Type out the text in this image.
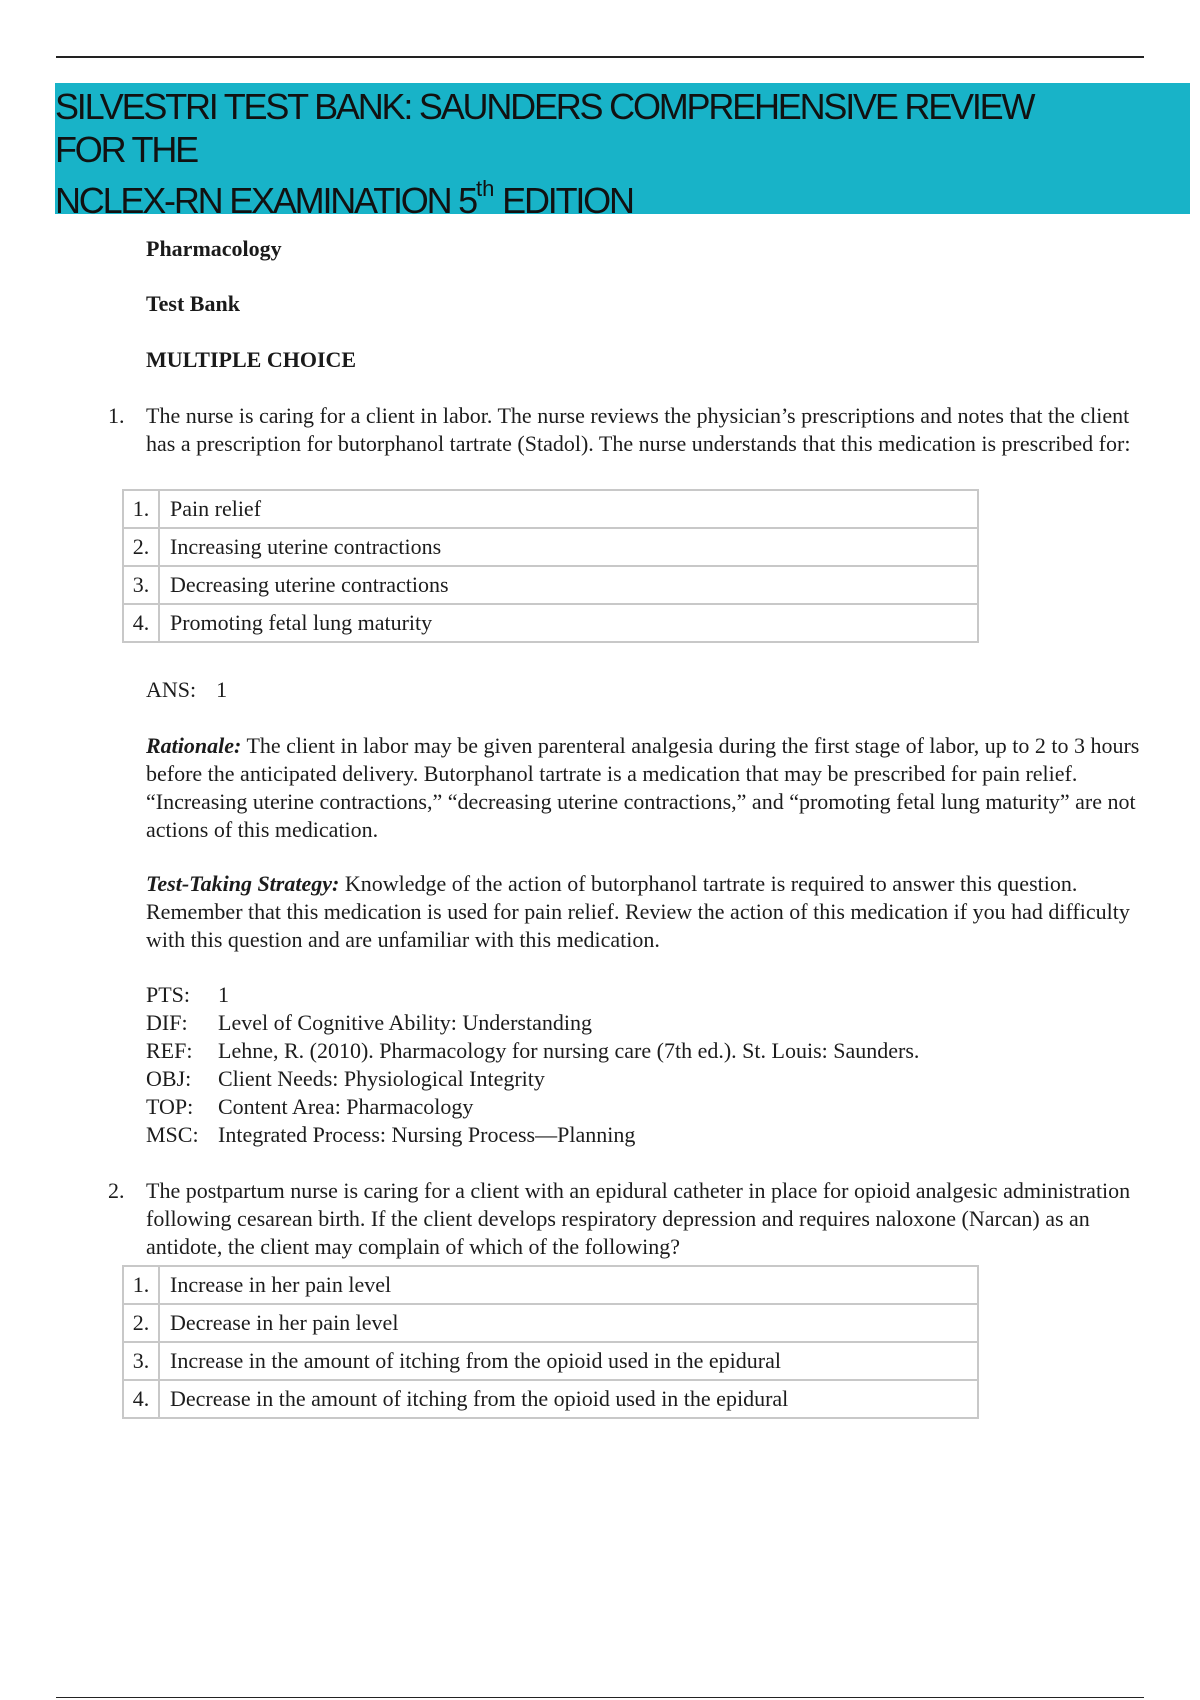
SILVESTRI TEST BANK: SAUNDERS COMPREHENSIVE REVIEW
FOR THE
NCLEX-RN EXAMINATION 5th EDITION
Pharmacology
Test Bank
MULTIPLE CHOICE
1. The nurse is caring for a client in labor. The nurse reviews the physician’s prescriptions and notes that the client has a prescription for butorphanol tartrate (Stadol). The nurse understands that this medication is prescribed for:
1.	Pain relief
2.	Increasing uterine contractions
3.	Decreasing uterine contractions
4.	Promoting fetal lung maturity
ANS: 1
Rationale: The client in labor may be given parenteral analgesia during the first stage of labor, up to 2 to 3 hours before the anticipated delivery. Butorphanol tartrate is a medication that may be prescribed for pain relief. “Increasing uterine contractions,” “decreasing uterine contractions,” and “promoting fetal lung maturity” are not actions of this medication.
Test-Taking Strategy: Knowledge of the action of butorphanol tartrate is required to answer this question. Remember that this medication is used for pain relief. Review the action of this medication if you had difficulty with this question and are unfamiliar with this medication.
PTS: 1
DIF: Level of Cognitive Ability: Understanding
REF: Lehne, R. (2010). Pharmacology for nursing care (7th ed.). St. Louis: Saunders.
OBJ: Client Needs: Physiological Integrity
TOP: Content Area: Pharmacology
MSC: Integrated Process: Nursing Process—Planning
2. The postpartum nurse is caring for a client with an epidural catheter in place for opioid analgesic administration following cesarean birth. If the client develops respiratory depression and requires naloxone (Narcan) as an antidote, the client may complain of which of the following?
1.	Increase in her pain level
2.	Decrease in her pain level
3.	Increase in the amount of itching from the opioid used in the epidural
4.	Decrease in the amount of itching from the opioid used in the epidural
